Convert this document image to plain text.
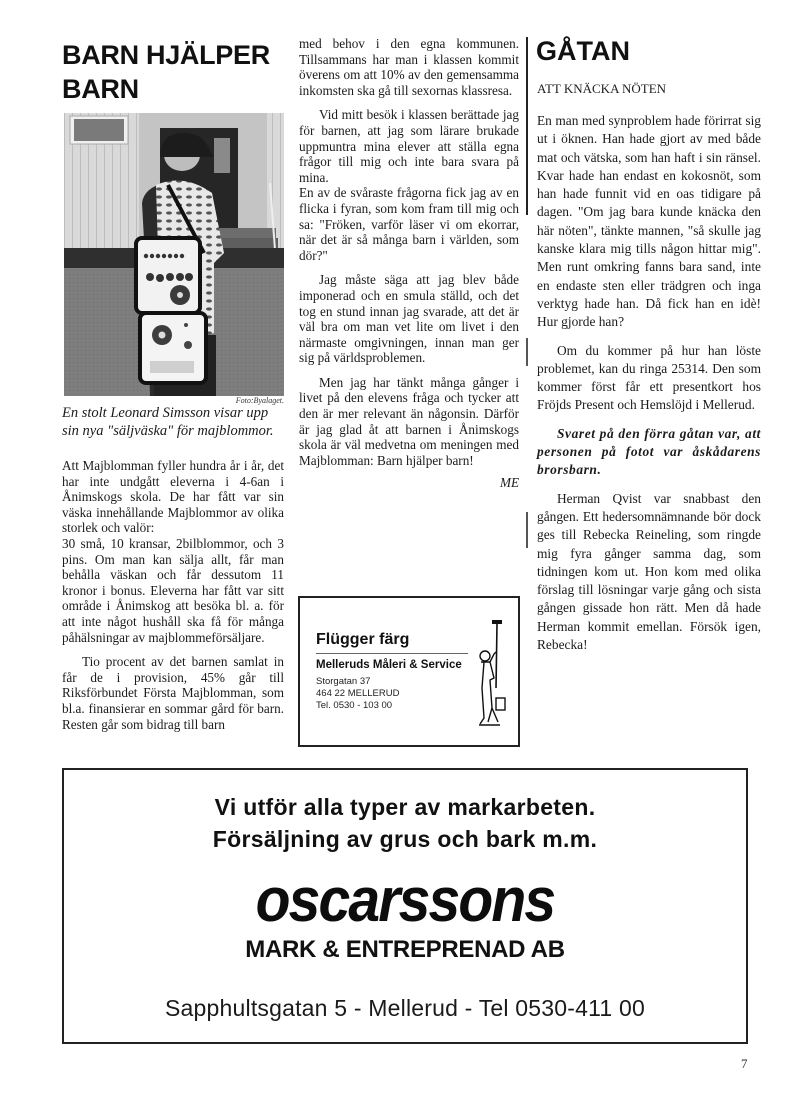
BARN HJÄLPER
BARN
Foto:Byalaget.
En stolt Leonard Simsson visar upp sin nya "säljväska" för majblommor.

Att Majblomman fyller hundra år i år, det har inte undgått eleverna i 4-6an i Ånimskogs skola. De har fått var sin väska innehållande Majblommor av olika storlek och valör:

30 små, 10 kransar, 2bilblommor, och 3 pins. Om man kan sälja allt, får man behålla väskan och får dessutom 11 kronor i bonus. Eleverna har fått var sitt område i Ånimskog att besöka bl. a. för att inte något hushåll ska få för många påhälsningar av majblommeförsäljare.

Tio procent av det barnen samlat in får de i provision, 45% går till Riksförbundet Första Majblomman, som bl.a. finansierar en sommar gård för barn. Resten går som bidrag till barn

med behov i den egna kommunen. Tillsammans har man i klassen kommit överens om att 10% av den gemensamma inkomsten ska gå till sexornas klassresa.

Vid mitt besök i klassen berättade jag för barnen, att jag som lärare brukade uppmuntra mina elever att ställa egna frågor till mig och inte bara svara på mina.

En av de svåraste frågorna fick jag av en flicka i fyran, som kom fram till mig och sa: "Fröken, varför läser vi om ekorrar, när det är så många barn i världen, som dör?"

Jag måste säga att jag blev både imponerad och en smula ställd, och det tog en stund innan jag svarade, att det är väl bra om man vet lite om livet i den närmaste omgivningen, innan man ger sig på världsproblemen.

Men jag har tänkt många gånger i livet på den elevens fråga och tycker att den är mer relevant än någonsin. Därför är jag glad åt att barnen i Ånimskogs skola är väl medvetna om meningen med Majblomman: Barn hjälper barn!

ME
Flügger färg
Melleruds Måleri & Service
Storgatan 37
464 22 MELLERUD
Tel. 0530 - 103 00
GÅTAN
ATT KNÄCKA NÖTEN

En man med synproblem hade förirrat sig ut i öknen. Han hade gjort av med både mat och vätska, som han haft i sin ränsel. Kvar hade han endast en kokosnöt, som han hade funnit vid en oas tidigare på dagen. "Om jag bara kunde knäcka den här nöten", tänkte mannen, "så skulle jag kanske klara mig tills någon hittar mig". Men runt omkring fanns bara sand, inte en endaste sten eller trädgren och inga verktyg hade han. Då fick han en idè! Hur gjorde han?

Om du kommer på hur han löste problemet, kan du ringa 25314. Den som kommer först får ett presentkort hos Fröjds Present och Hemslöjd i Mellerud.

Svaret på den förra gåtan var, att personen på fotot var åskådarens brorsbarn.

Herman Qvist var snabbast den gången. Ett hedersomnämnande bör dock ges till Rebecka Reineling, som ringde mig fyra gånger samma dag, som tidningen kom ut. Hon kom med olika förslag till lösningar varje gång och sista gången gissade hon rätt. Men då hade Herman kommit emellan. Försök igen, Rebecka!

Vi utför alla typer av markarbeten.
Försäljning av grus och bark m.m.
oscarssons
MARK & ENTREPRENAD AB
Sapphultsgatan 5 - Mellerud - Tel 0530-411 00
7
